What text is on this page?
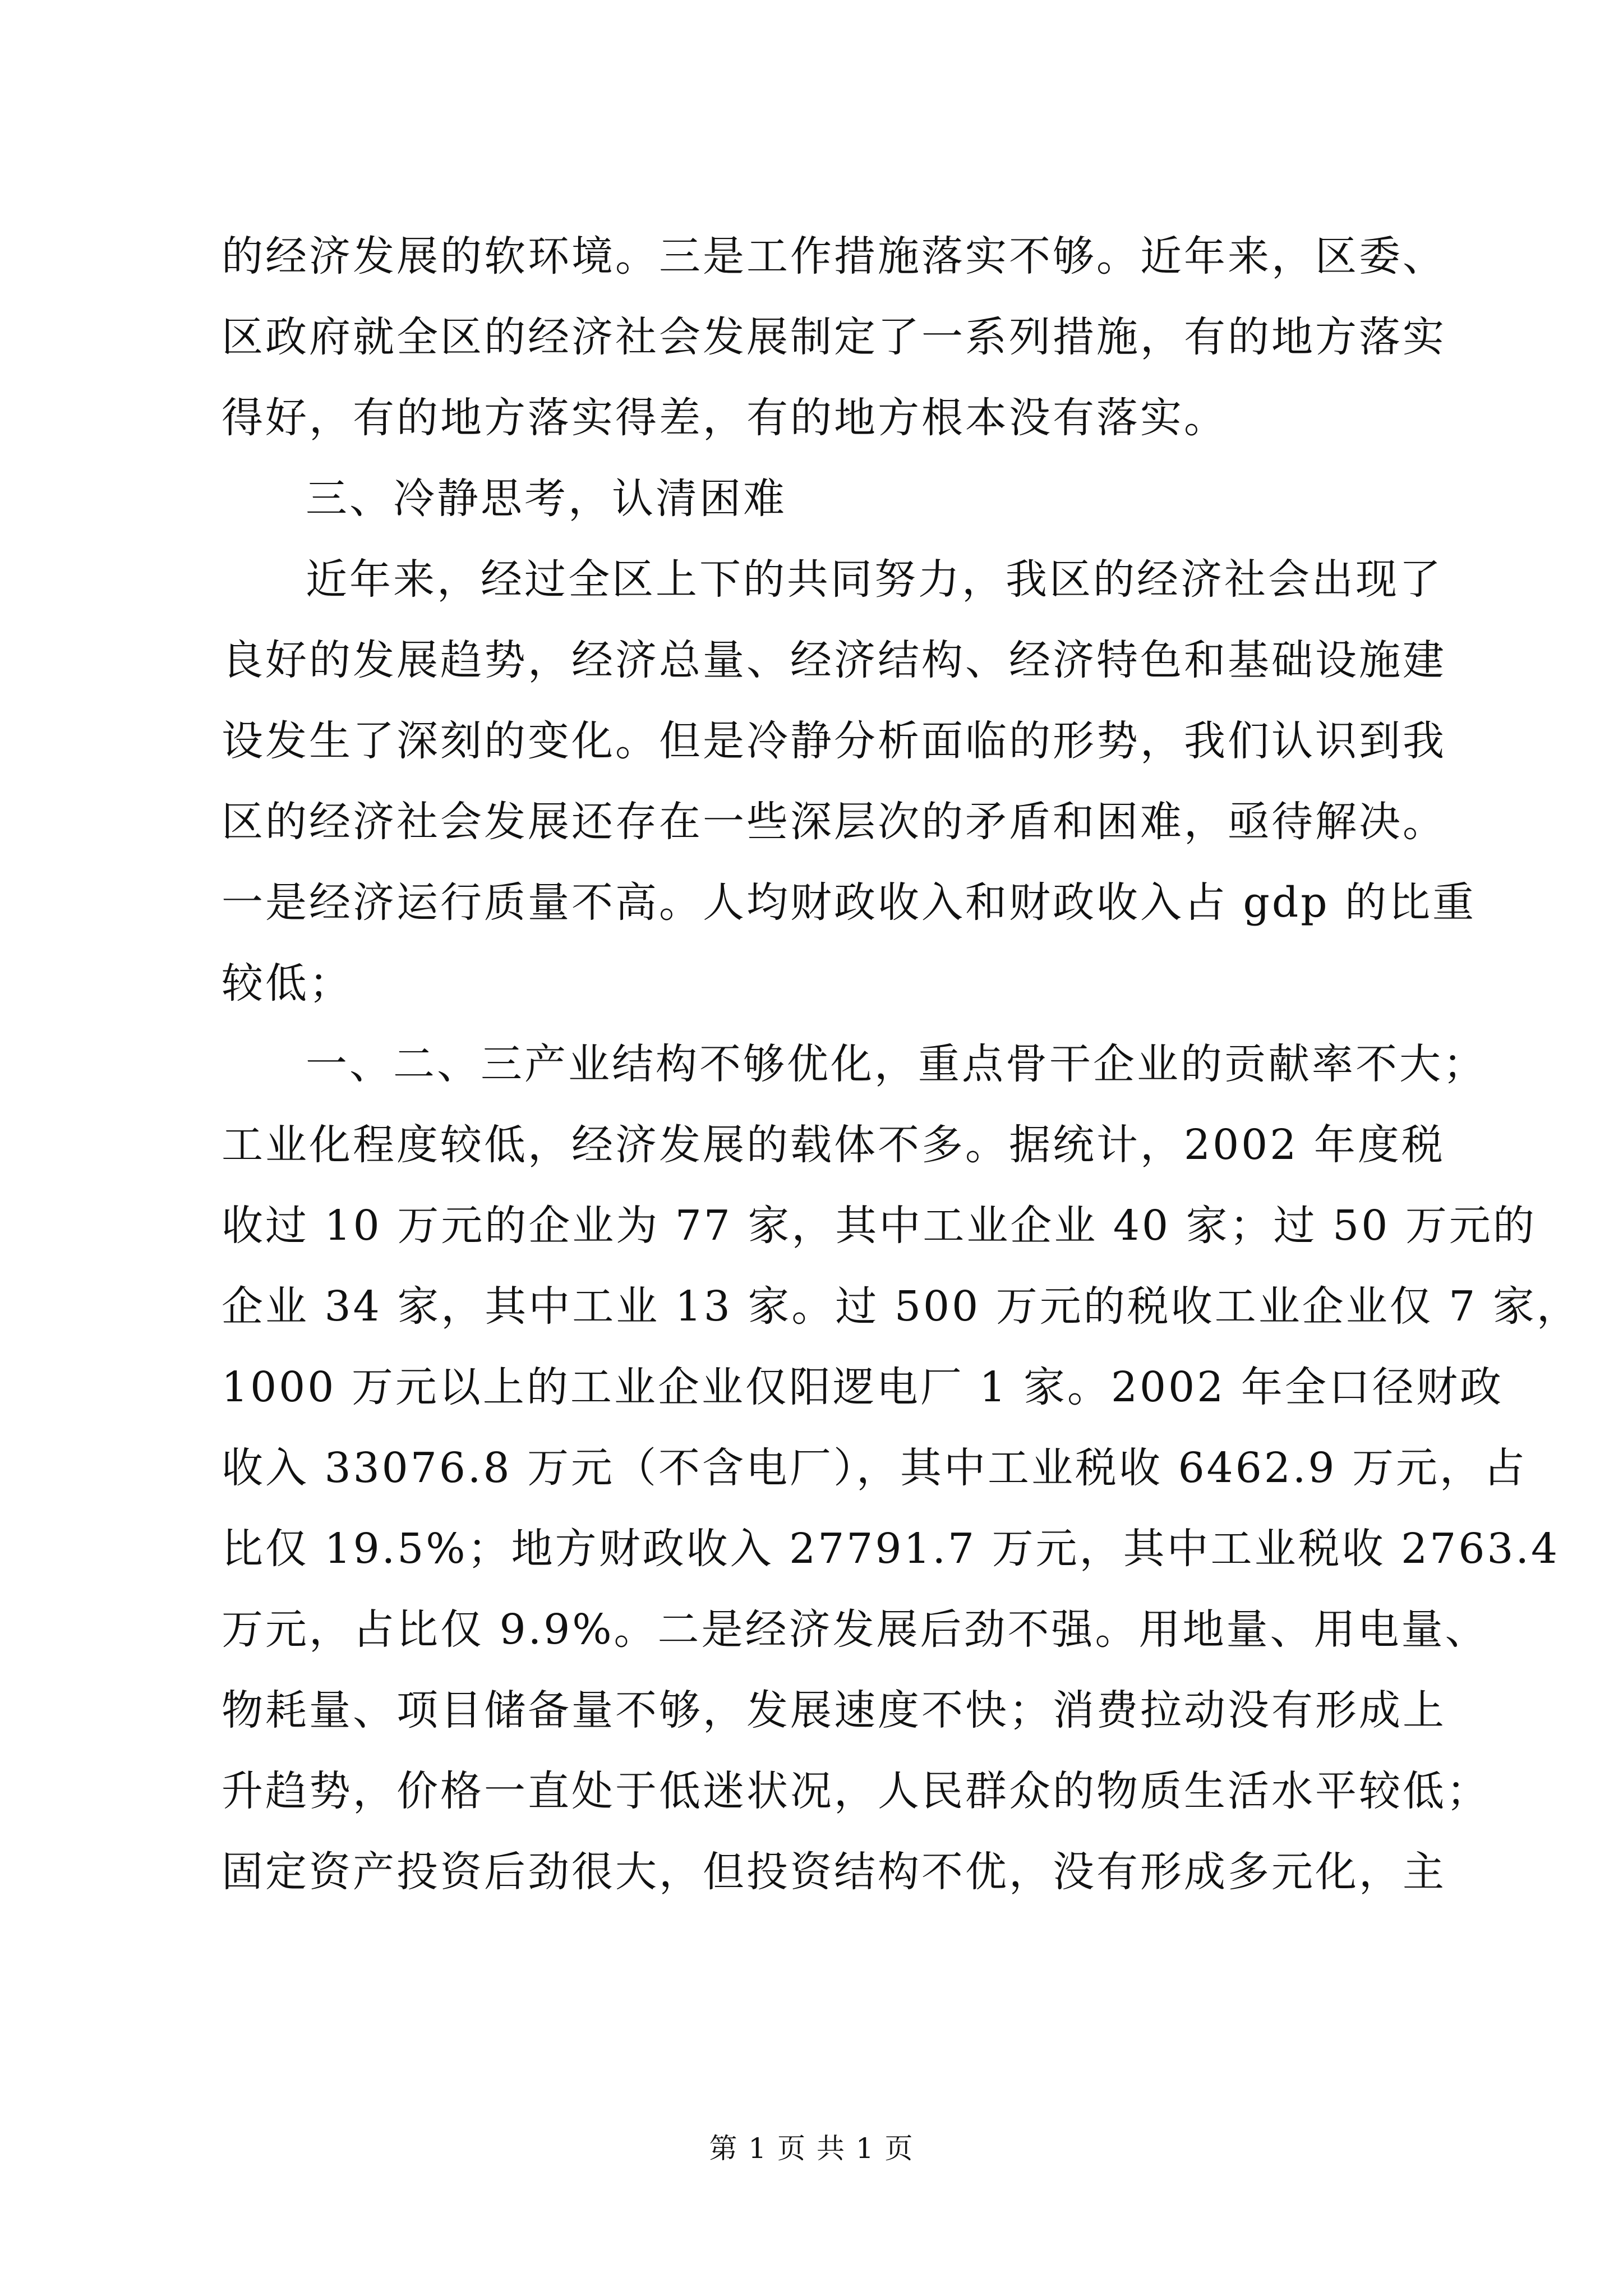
的经济发展的软环境。三是工作措施落实不够。近年来，区委、
区政府就全区的经济社会发展制定了一系列措施，有的地方落实
得好，有的地方落实得差，有的地方根本没有落实。
三、冷静思考，认清困难
近年来，经过全区上下的共同努力，我区的经济社会出现了
良好的发展趋势，经济总量、经济结构、经济特色和基础设施建
设发生了深刻的变化。但是冷静分析面临的形势，我们认识到我
区的经济社会发展还存在一些深层次的矛盾和困难，亟待解决。
一是经济运行质量不高。人均财政收入和财政收入占 gdp 的比重
较低；
一、二、三产业结构不够优化，重点骨干企业的贡献率不大；
工业化程度较低，经济发展的载体不多。据统计，2002 年度税
收过 10 万元的企业为 77 家，其中工业企业 40 家；过 50 万元的
企业 34 家，其中工业 13 家。过 500 万元的税收工业企业仅 7 家，
1000 万元以上的工业企业仅阳逻电厂 1 家。2002 年全口径财政
收入 33076.8 万元（不含电厂），其中工业税收 6462.9 万元，占
比仅 19.5%；地方财政收入 27791.7 万元，其中工业税收 2763.4
万元，占比仅 9.9%。二是经济发展后劲不强。用地量、用电量、
物耗量、项目储备量不够，发展速度不快；消费拉动没有形成上
升趋势，价格一直处于低迷状况，人民群众的物质生活水平较低；
固定资产投资后劲很大，但投资结构不优，没有形成多元化，主
第 1 页 共 1 页
